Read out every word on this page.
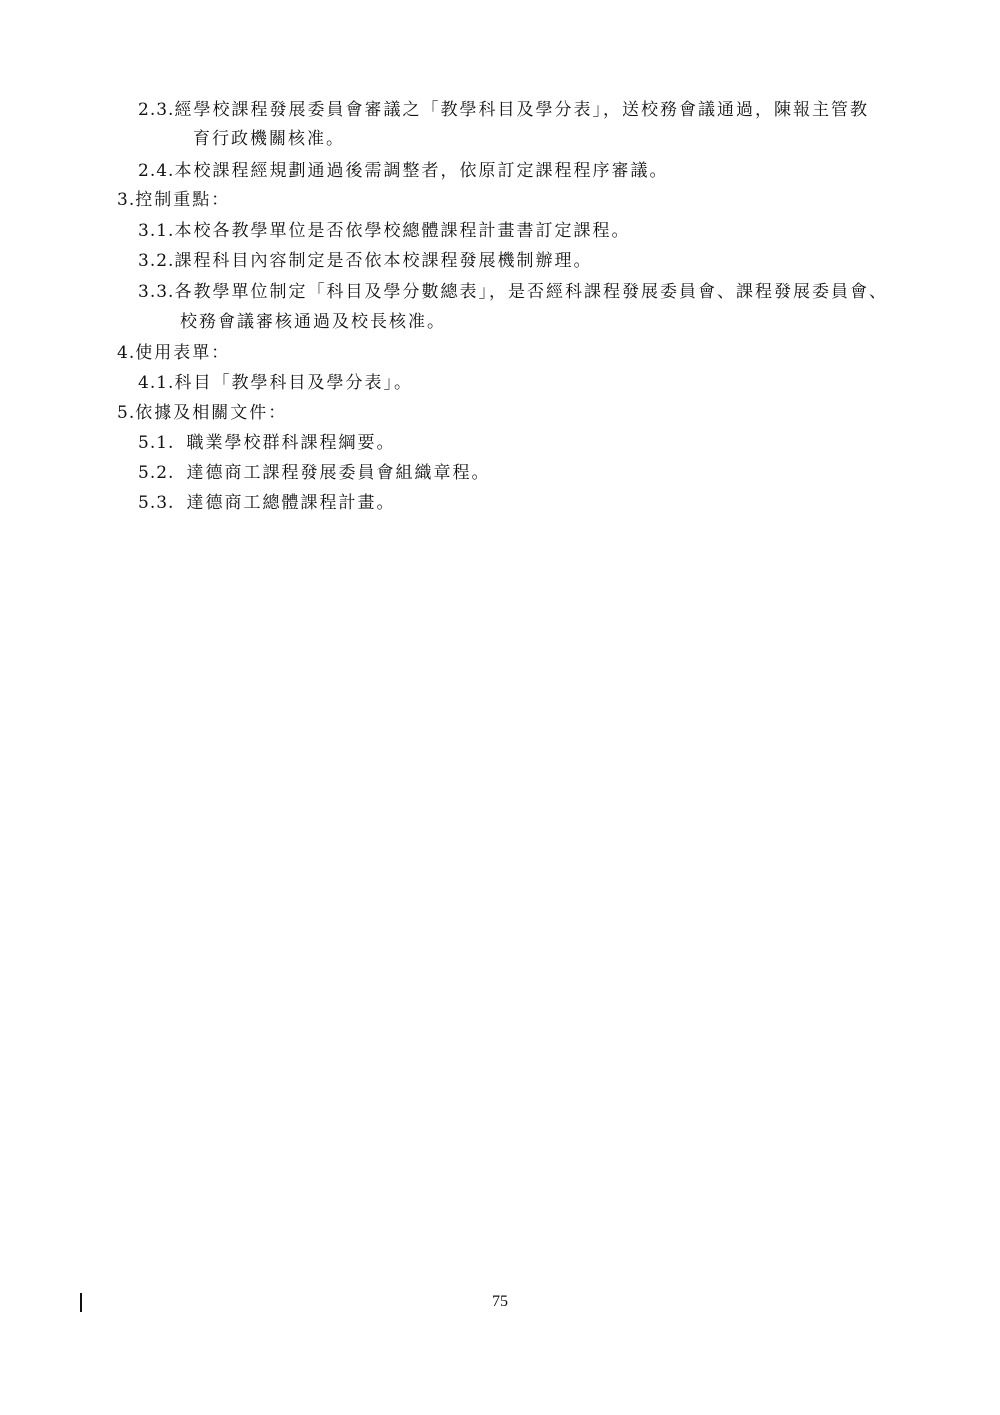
2.3.經學校課程發展委員會審議之「教學科目及學分表」，送校務會議通過，陳報主管教
育行政機關核准。
2.4.本校課程經規劃通過後需調整者，依原訂定課程程序審議。
3.控制重點：
3.1.本校各教學單位是否依學校總體課程計畫書訂定課程。
3.2.課程科目內容制定是否依本校課程發展機制辦理。
3.3.各教學單位制定「科目及學分數總表」，是否經科課程發展委員會、課程發展委員會、
校務會議審核通過及校長核准。
4.使用表單：
4.1.科目「教學科目及學分表」。
5.依據及相關文件：
5.1. 職業學校群科課程綱要。
5.2. 達德商工課程發展委員會組織章程。
5.3. 達德商工總體課程計畫。
75
